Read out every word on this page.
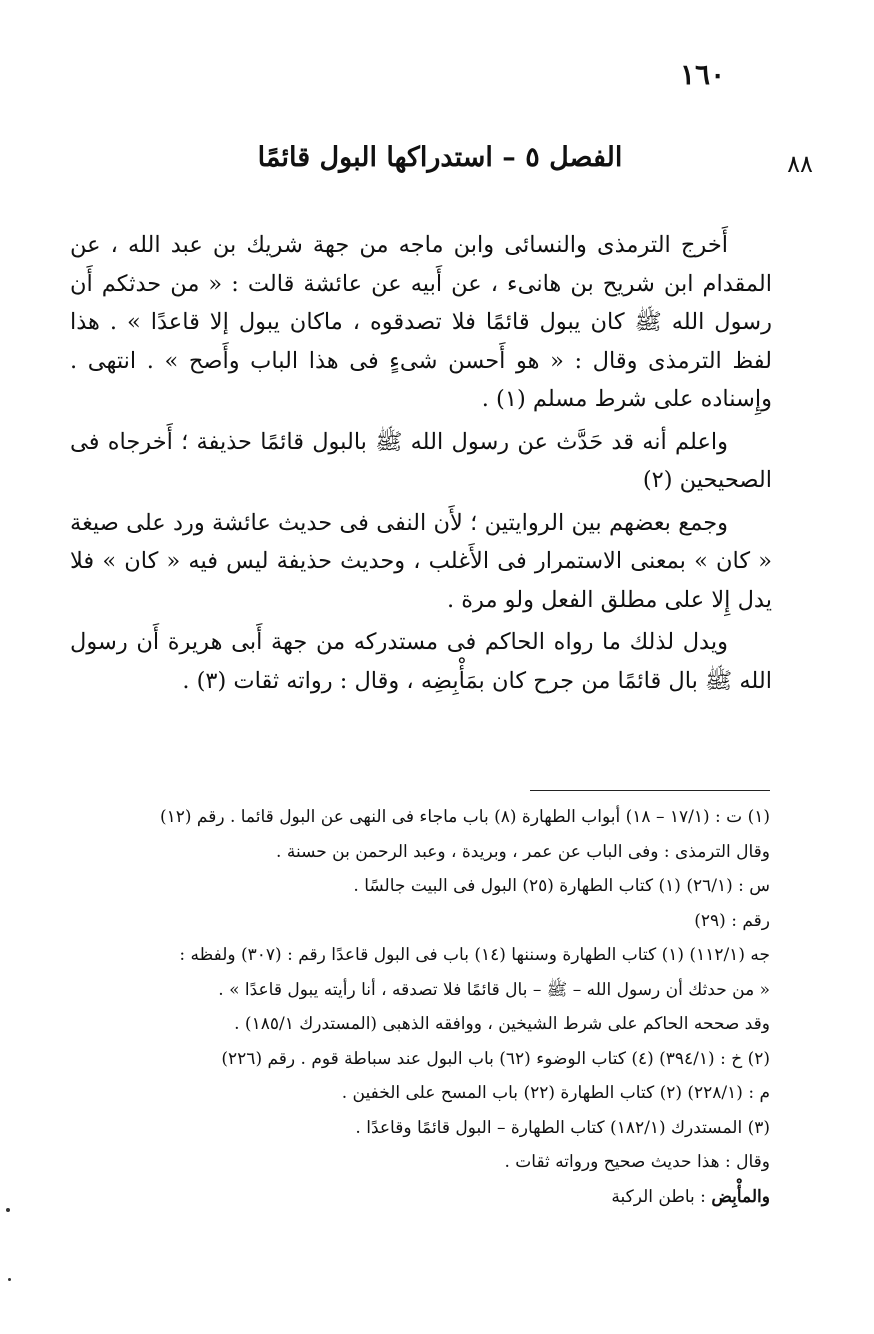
١٦٠
٨٨
الفصل ٥ – استدراكها البول قائمًا

أَخرج الترمذى والنسائى وابن ماجه من جهة شريك بن عبد الله ، عن المقدام ابن شريح بن هانىء ، عن أَبيه عن عائشة قالت : « من حدثكم أَن رسول الله ﷺ كان يبول قائمًا فلا تصدقوه ، ماكان يبول إلا قاعدًا » . هذا لفظ الترمذى وقال : « هو أَحسن شىءٍ فى هذا الباب وأَصح » . انتهى . وإِسناده على شرط مسلم (١) .

واعلم أنه قد حَدَّث عن رسول الله ﷺ بالبول قائمًا حذيفة ؛ أَخرجاه فى الصحيحين (٢)

وجمع بعضهم بين الروايتين ؛ لأَن النفى فى حديث عائشة ورد على صيغة « كان » بمعنى الاستمرار فى الأَغلب ، وحديث حذيفة ليس فيه « كان » فلا يدل إِلا على مطلق الفعل ولو مرة .

ويدل لذلك ما رواه الحاكم فى مستدركه من جهة أَبى هريرة أَن رسول الله ﷺ بال قائمًا من جرح كان بمَأْبِضِه ، وقال : رواته ثقات (٣) .

(١) ت : (١٧/١ – ١٨) أبواب الطهارة (٨) باب ماجاء فى النهى عن البول قائما . رقم (١٢)
وقال الترمذى : وفى الباب عن عمر ، وبريدة ، وعبد الرحمن بن حسنة .
س : (٢٦/١) (١) كتاب الطهارة (٢٥) البول فى البيت جالسًا .
رقم : (٢٩)
جه (١١٢/١) (١) كتاب الطهارة وسننها (١٤) باب فى البول قاعدًا رقم : (٣٠٧) ولفظه :
« من حدثك أن رسول الله – ﷺ – بال قائمًا فلا تصدقه ، أنا رأيته يبول قاعدًا » .
وقد صححه الحاكم على شرط الشيخين ، ووافقه الذهبى (المستدرك ١٨٥/١) .
(٢) خ : (٣٩٤/١) (٤) كتاب الوضوء (٦٢) باب البول عند سباطة قوم . رقم (٢٢٦)
م : (٢٢٨/١) (٢) كتاب الطهارة (٢٢) باب المسح على الخفين .
(٣) المستدرك (١٨٢/١) كتاب الطهارة – البول قائمًا وقاعدًا .
وقال : هذا حديث صحيح ورواته ثقات .
والمأْبِض : باطن الركبة
